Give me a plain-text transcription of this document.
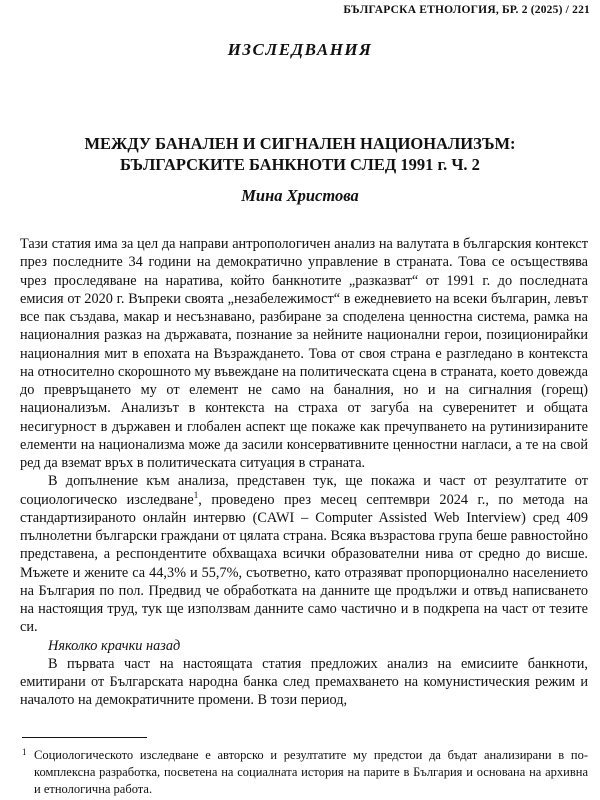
БЪЛГАРСКА ЕТНОЛОГИЯ, БР. 2 (2025) / 221
ИЗСЛЕДВАНИЯ
МЕЖДУ БАНАЛЕН И СИГНАЛЕН НАЦИОНАЛИЗЪМ:
БЪЛГАРСКИТЕ БАНКНОТИ СЛЕД 1991 г. Ч. 2
Мина Христова

Тази статия има за цел да направи антропологичен анализ на валутата в българския контекст през последните 34 години на демократично управление в страната. Това се осъществява чрез проследяване на наратива, който банкнотите „разказват“ от 1991 г. до последната емисия от 2020 г. Въпреки своята „незабележимост“ в ежедневието на всеки българин, левът все пак създава, макар и несъзнавано, разбиране за споделена ценностна система, рамка на националния разказ на държавата, познание за нейните национални герои, позиционирайки националния мит в епохата на Възраждането. Това от своя страна е разгледано в контекста на относително скорошното му въвеждане на политическата сцена в страната, което довежда до превръщането му от елемент не само на баналния, но и на сигналния (горещ) национализъм. Анализът в контекста на страха от загуба на суверенитет и общата несигурност в държавен и глобален аспект ще покаже как пречупването на рутинизираните елементи на национализма може да засили консервативните ценностни нагласи, а те на свой ред да вземат връх в политическата ситуация в страната.

В допълнение към анализа, представен тук, ще покажа и част от резултатите от социологическо изследване$^1$, проведено през месец септември 2024 г., по метода на стандартизираното онлайн интервю (CAWI – Computer Assisted Web Interview) сред 409 пълнолетни български граждани от цялата страна. Всяка възрастова група беше равностойно представена, а респондентите обхващаха всички образователни нива от средно до висше. Мъжете и жените са 44,3% и 55,7%, съответно, като отразяват пропорционално населението на България по пол. Предвид че обработката на данните ще продължи и отвъд написването на настоящия труд, тук ще използвам данните само частично и в подкрепа на част от тезите си.

Няколко крачки назад

В първата част на настоящата статия предложих анализ на емисиите банкноти, емитирани от Българската народна банка след премахването на комунистическия режим и началото на демократичните промени. В този период,

1 Социологическото изследване е авторско и резултатите му предстои да бъдат анализирани в по-комплексна разработка, посветена на социалната история на парите в България и основана на архивна и етнологична работа.
